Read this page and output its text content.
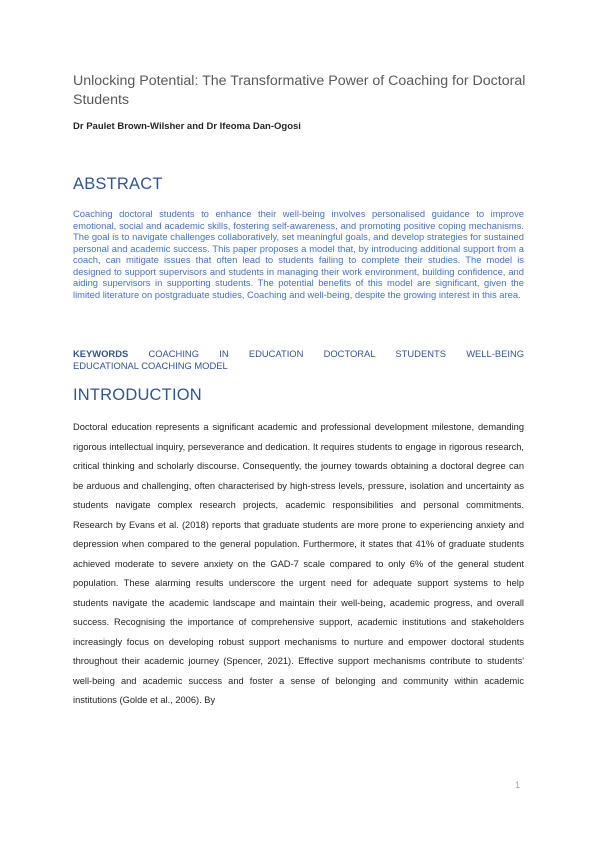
Unlocking Potential: The Transformative Power of Coaching for Doctoral Students
Dr Paulet Brown-Wilsher and Dr Ifeoma Dan-Ogosi
ABSTRACT
Coaching doctoral students to enhance their well-being involves personalised guidance to improve emotional, social and academic skills, fostering self-awareness, and promoting positive coping mechanisms. The goal is to navigate challenges collaboratively, set meaningful goals, and develop strategies for sustained personal and academic success. This paper proposes a model that, by introducing additional support from a coach, can mitigate issues that often lead to students failing to complete their studies. The model is designed to support supervisors and students in managing their work environment, building confidence, and aiding supervisors in supporting students. The potential benefits of this model are significant, given the limited literature on postgraduate studies, Coaching and well-being, despite the growing interest in this area.
KEYWORDS COACHING IN EDUCATION DOCTORAL STUDENTS WELL-BEING
EDUCATIONAL COACHING MODEL
INTRODUCTION
Doctoral education represents a significant academic and professional development milestone, demanding rigorous intellectual inquiry, perseverance and dedication. It requires students to engage in rigorous research, critical thinking and scholarly discourse. Consequently, the journey towards obtaining a doctoral degree can be arduous and challenging, often characterised by high-stress levels, pressure, isolation and uncertainty as students navigate complex research projects, academic responsibilities and personal commitments. Research by Evans et al. (2018) reports that graduate students are more prone to experiencing anxiety and depression when compared to the general population. Furthermore, it states that 41% of graduate students achieved moderate to severe anxiety on the GAD-7 scale compared to only 6% of the general student population. These alarming results underscore the urgent need for adequate support systems to help students navigate the academic landscape and maintain their well-being, academic progress, and overall success. Recognising the importance of comprehensive support, academic institutions and stakeholders increasingly focus on developing robust support mechanisms to nurture and empower doctoral students throughout their academic journey (Spencer, 2021). Effective support mechanisms contribute to students' well-being and academic success and foster a sense of belonging and community within academic institutions (Golde et al., 2006). By
1
